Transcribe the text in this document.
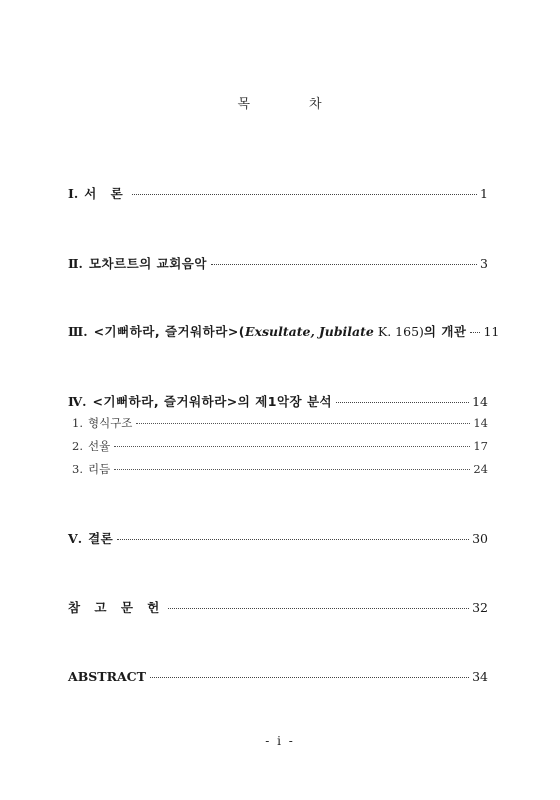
목	차
Ⅰ. 서 론	1
Ⅱ. 모차르트의 교회음악	3
Ⅲ. <기뻐하라, 즐거워하라>(Exsultate, Jubilate K. 165)의 개관 11
Ⅳ. <기뻐하라, 즐거워하라>의 제1악장 분석	14
1. 형식구조	14
2. 선율	17
3. 리듬	24
Ⅴ. 결론	30
참 고 문 헌	32
ABSTRACT	34
- i -
